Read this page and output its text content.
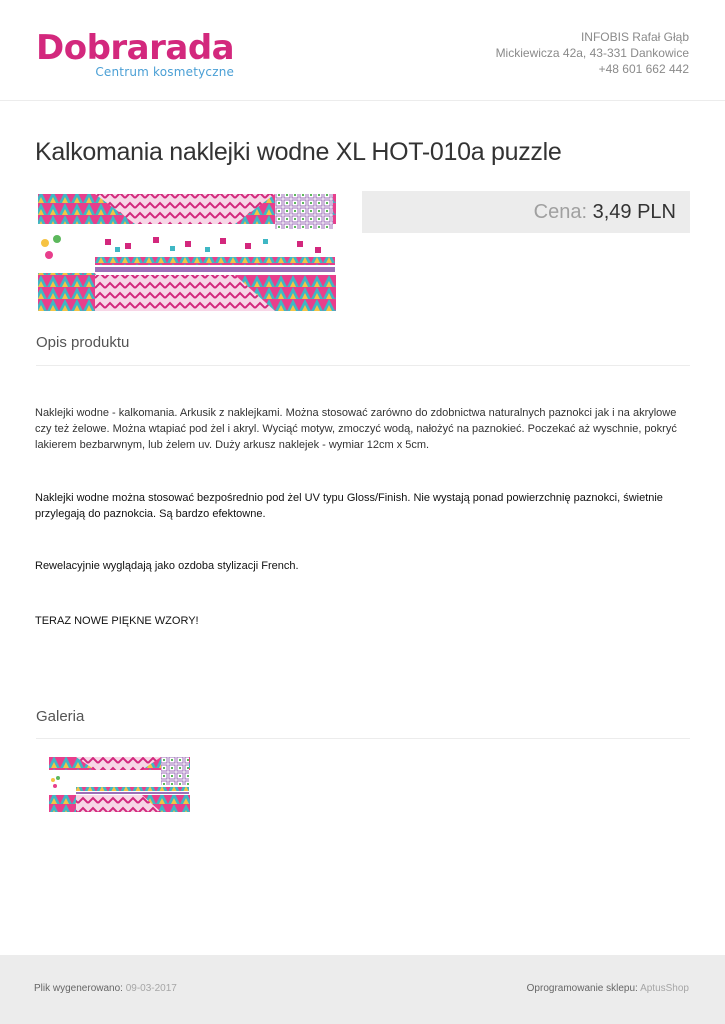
Dobrarada
Centrum kosmetyczne
INFOBIS Rafał Głąb
Mickiewicza 42a, 43-331 Dankowice
+48 601 662 442
Kalkomania naklejki wodne XL HOT-010a puzzle
Cena: 3,49 PLN
Opis produktu

Naklejki wodne - kalkomania. Arkusik z naklejkami. Można stosować zarówno do zdobnictwa naturalnych paznokci jak i na akrylowe czy też żelowe. Można wtapiać pod żel i akryl. Wyciąć motyw, zmoczyć wodą, nałożyć na paznokieć. Poczekać aż wyschnie, pokryć lakierem bezbarwnym, lub żelem uv. Duży arkusz naklejek - wymiar 12cm x 5cm.

Naklejki wodne można stosować bezpośrednio pod żel UV typu Gloss/Finish. Nie wystają ponad powierzchnię paznokci, świetnie przylegają do paznokcia. Są bardzo efektowne.

Rewelacyjnie wyglądają jako ozdoba stylizacji French.

TERAZ NOWE PIĘKNE WZORY!

Galeria
Plik wygenerowano: 09-03-2017	Oprogramowanie sklepu: AptusShop
